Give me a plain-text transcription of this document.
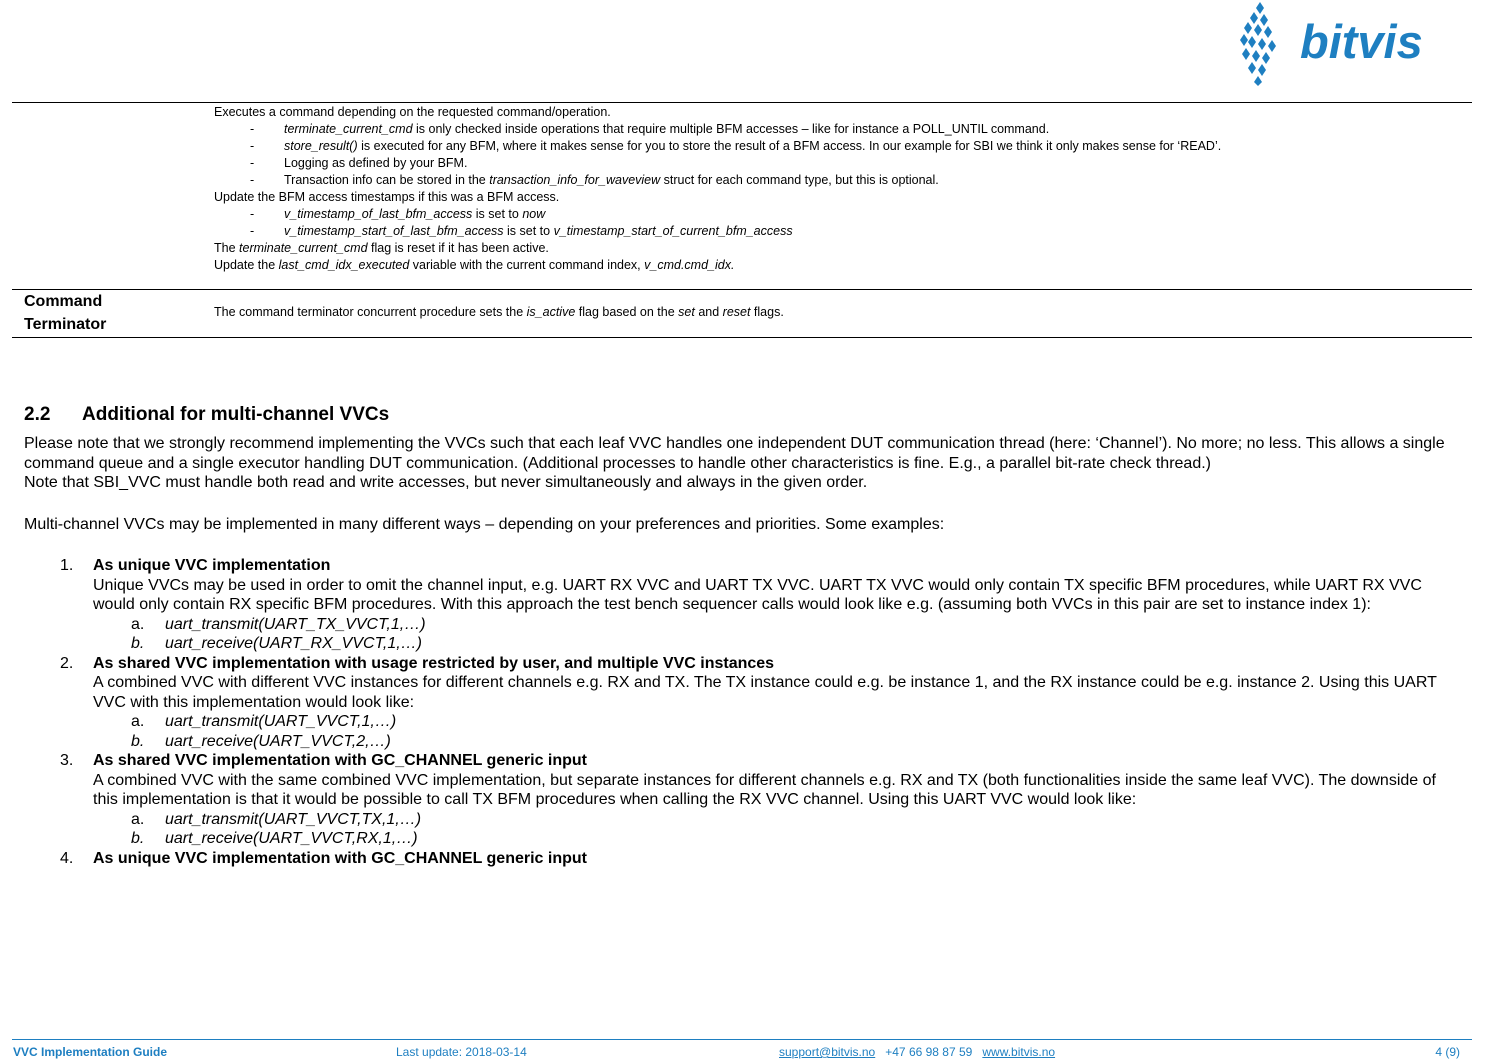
bitvis
Executes a command depending on the requested command/operation.
- terminate_current_cmd is only checked inside operations that require multiple BFM accesses – like for instance a POLL_UNTIL command.
- store_result() is executed for any BFM, where it makes sense for you to store the result of a BFM access. In our example for SBI we think it only makes sense for ‘READ’.
- Logging as defined by your BFM.
- Transaction info can be stored in the transaction_info_for_waveview struct for each command type, but this is optional.
Update the BFM access timestamps if this was a BFM access.
- v_timestamp_of_last_bfm_access is set to now
- v_timestamp_start_of_last_bfm_access is set to v_timestamp_start_of_current_bfm_access
The terminate_current_cmd flag is reset if it has been active.
Update the last_cmd_idx_executed variable with the current command index, v_cmd.cmd_idx.
Command
Terminator
The command terminator concurrent procedure sets the is_active flag based on the set and reset flags.
2.2 Additional for multi-channel VVCs

Please note that we strongly recommend implementing the VVCs such that each leaf VVC handles one independent DUT communication thread (here: ‘Channel’). No more; no less. This allows a single command queue and a single executor handling DUT communication. (Additional processes to handle other characteristics is fine. E.g., a parallel bit-rate check thread.)

Note that SBI_VVC must handle both read and write accesses, but never simultaneously and always in the given order.

Multi-channel VVCs may be implemented in many different ways – depending on your preferences and priorities. Some examples:

1. As unique VVC implementation
Unique VVCs may be used in order to omit the channel input, e.g. UART RX VVC and UART TX VVC. UART TX VVC would only contain TX specific BFM procedures, while UART RX VVC would only contain RX specific BFM procedures. With this approach the test bench sequencer calls would look like e.g. (assuming both VVCs in this pair are set to instance index 1):
a. uart_transmit(UART_TX_VVCT,1,…)
b. uart_receive(UART_RX_VVCT,1,…)
2. As shared VVC implementation with usage restricted by user, and multiple VVC instances
A combined VVC with different VVC instances for different channels e.g. RX and TX. The TX instance could e.g. be instance 1, and the RX instance could be e.g. instance 2. Using this UART VVC with this implementation would look like:
a. uart_transmit(UART_VVCT,1,…)
b. uart_receive(UART_VVCT,2,…)
3. As shared VVC implementation with GC_CHANNEL generic input
A combined VVC with the same combined VVC implementation, but separate instances for different channels e.g. RX and TX (both functionalities inside the same leaf VVC). The downside of this implementation is that it would be possible to call TX BFM procedures when calling the RX VVC channel. Using this UART VVC would look like:
a. uart_transmit(UART_VVCT,TX,1,…)
b. uart_receive(UART_VVCT,RX,1,…)
4. As unique VVC implementation with GC_CHANNEL generic input
VVC Implementation Guide	Last update: 2018-03-14	support@bitvis.no +47 66 98 87 59 www.bitvis.no	4 (9)
